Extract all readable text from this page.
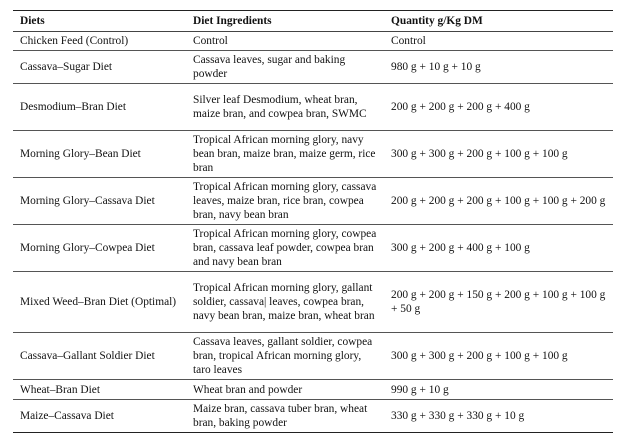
Diets	Diet Ingredients	Quantity g/Kg DM
Chicken Feed (Control)	Control	Control
Cassava–Sugar Diet	Cassava leaves, sugar and baking powder	980 g + 10 g + 10 g
Desmodium–Bran Diet	Silver leaf Desmodium, wheat bran, maize bran, and cowpea bran, SWMC	200 g + 200 g + 200 g + 400 g
Morning Glory–Bean Diet	Tropical African morning glory, navy bean bran, maize bran, maize germ, rice bran	300 g + 300 g + 200 g + 100 g + 100 g
Morning Glory–Cassava Diet	Tropical African morning glory, cassava leaves, maize bran, rice bran, cowpea bran, navy bean bran	200 g + 200 g + 200 g + 100 g + 100 g + 200 g
Morning Glory–Cowpea Diet	Tropical African morning glory, cowpea bran, cassava leaf powder, cowpea bran and navy bean bran	300 g + 200 g + 400 g + 100 g
Mixed Weed–Bran Diet (Optimal)	Tropical African morning glory, gallant soldier, cassava| leaves, cowpea bran, navy bean bran, maize bran, wheat bran	200 g + 200 g + 150 g + 200 g + 100 g + 100 g + 50 g
Cassava–Gallant Soldier Diet	Cassava leaves, gallant soldier, cowpea bran, tropical African morning glory, taro leaves	300 g + 300 g + 200 g + 100 g + 100 g
Wheat–Bran Diet	Wheat bran and powder	990 g + 10 g
Maize–Cassava Diet	Maize bran, cassava tuber bran, wheat bran, baking powder	330 g + 330 g + 330 g + 10 g
